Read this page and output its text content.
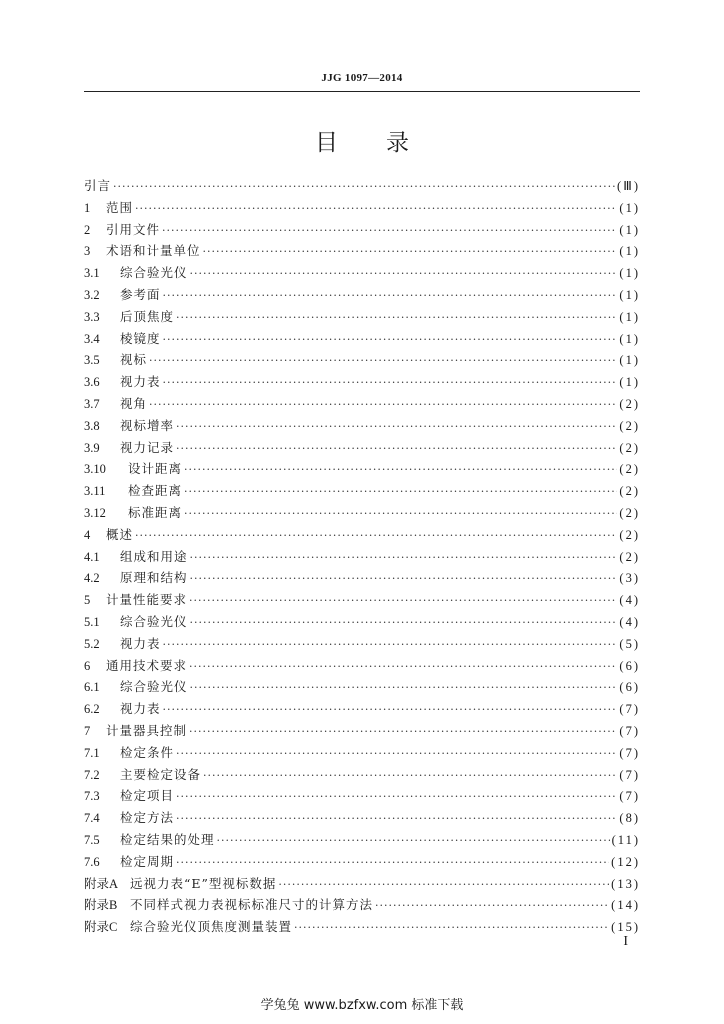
JJG 1097—2014
目录
引言 ·····	(Ⅲ)
1	范围 ·····	(1)
2	引用文件 ·····	(1)
3	术语和计量单位 ·····	(1)
3.1	综合验光仪 ·····	(1)
3.2	参考面 ·····	(1)
3.3	后顶焦度 ·····	(1)
3.4	棱镜度 ·····	(1)
3.5	视标 ·····	(1)
3.6	视力表 ·····	(1)
3.7	视角 ·····	(2)
3.8	视标增率 ·····	(2)
3.9	视力记录 ·····	(2)
3.10	设计距离 ·····	(2)
3.11	检查距离 ·····	(2)
3.12	标准距离 ·····	(2)
4	概述 ·····	(2)
4.1	组成和用途 ·····	(2)
4.2	原理和结构 ·····	(3)
5	计量性能要求 ·····	(4)
5.1	综合验光仪 ·····	(4)
5.2	视力表 ·····	(5)
6	通用技术要求 ·····	(6)
6.1	综合验光仪 ·····	(6)
6.2	视力表 ·····	(7)
7	计量器具控制 ·····	(7)
7.1	检定条件 ·····	(7)
7.2	主要检定设备 ·····	(7)
7.3	检定项目 ·····	(7)
7.4	检定方法 ·····	(8)
7.5	检定结果的处理 ·····	(11)
7.6	检定周期 ·····	(12)
附录A 远视力表“E”型视标数据 ·····	(13)
附录B	不同样式视力表视标标准尺寸的计算方法 ·····	(14)
附录C	综合验光仪顶焦度测量装置 ·····	(15)
I
学兔兔 www.bzfxw.com 标准下载
